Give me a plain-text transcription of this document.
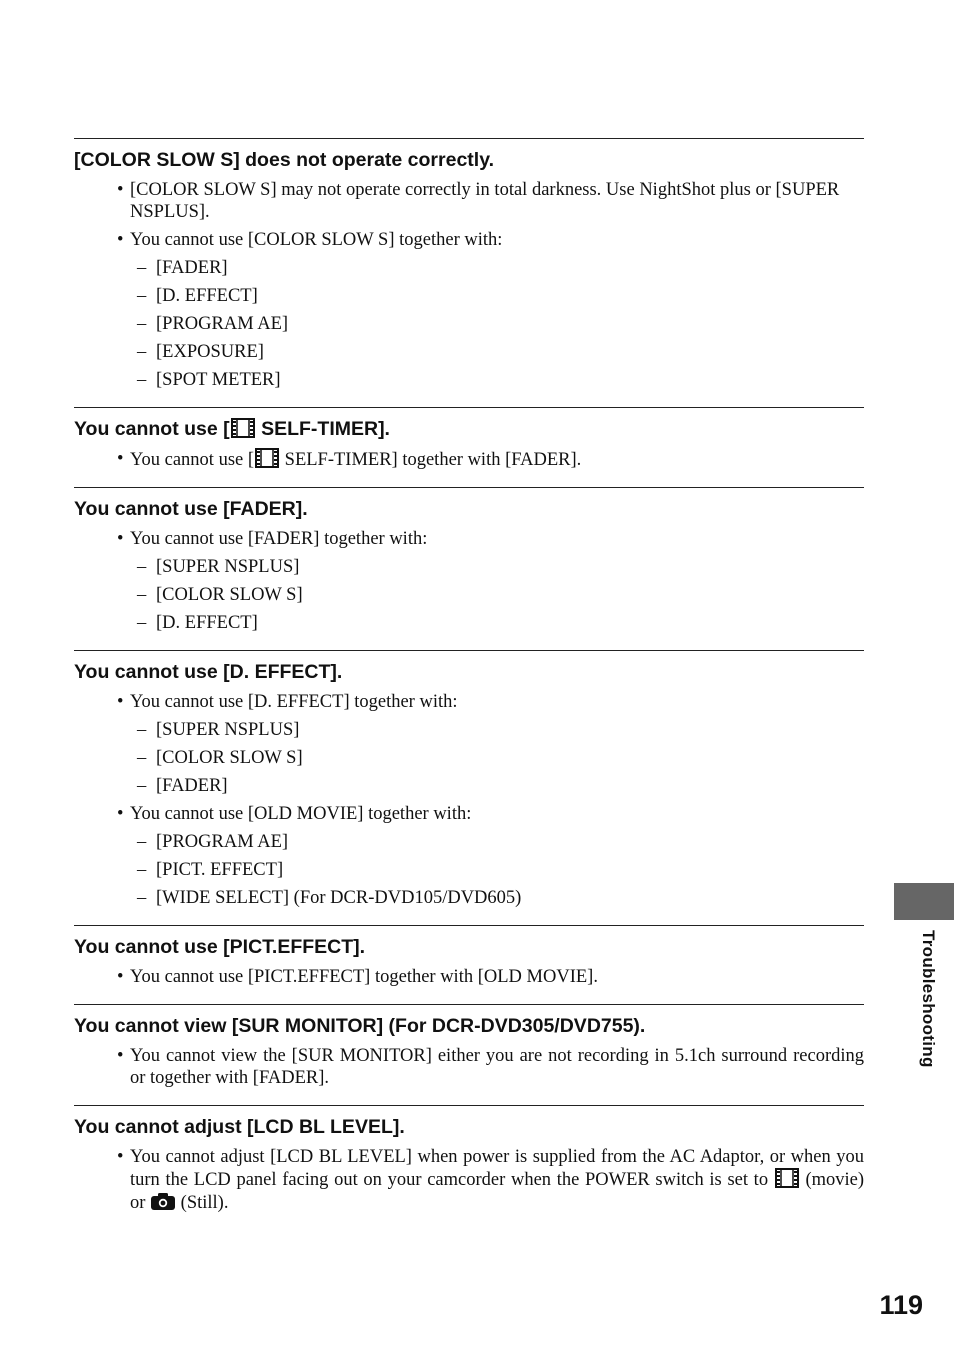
[COLOR SLOW S] does not operate correctly.
• [COLOR SLOW S] may not operate correctly in total darkness. Use NightShot plus or [SUPER NSPLUS].
• You cannot use [COLOR SLOW S] together with:
– [FADER]
– [D. EFFECT]
– [PROGRAM AE]
– [EXPOSURE]
– [SPOT METER]
You cannot use [
SELF-TIMER].
• You cannot use [
SELF-TIMER] together with [FADER].
You cannot use [FADER].
• You cannot use [FADER] together with:
– [SUPER NSPLUS]
– [COLOR SLOW S]
– [D. EFFECT]
You cannot use [D. EFFECT].
• You cannot use [D. EFFECT] together with:
– [SUPER NSPLUS]
– [COLOR SLOW S]
– [FADER]
• You cannot use [OLD MOVIE] together with:
– [PROGRAM AE]
– [PICT. EFFECT]
– [WIDE SELECT] (For DCR-DVD105/DVD605)
You cannot use [PICT.EFFECT].
• You cannot use [PICT.EFFECT] together with [OLD MOVIE].
You cannot view [SUR MONITOR] (For DCR-DVD305/DVD755).
• You cannot view the [SUR MONITOR] either you are not recording in 5.1ch surround recording or together with [FADER].
You cannot adjust [LCD BL LEVEL].
• You cannot adjust [LCD BL LEVEL] when power is supplied from the AC Adaptor, or when you turn the LCD panel facing out on your camcorder when the POWER switch is set to
(movie) or
(Still).
Troubleshooting
119
